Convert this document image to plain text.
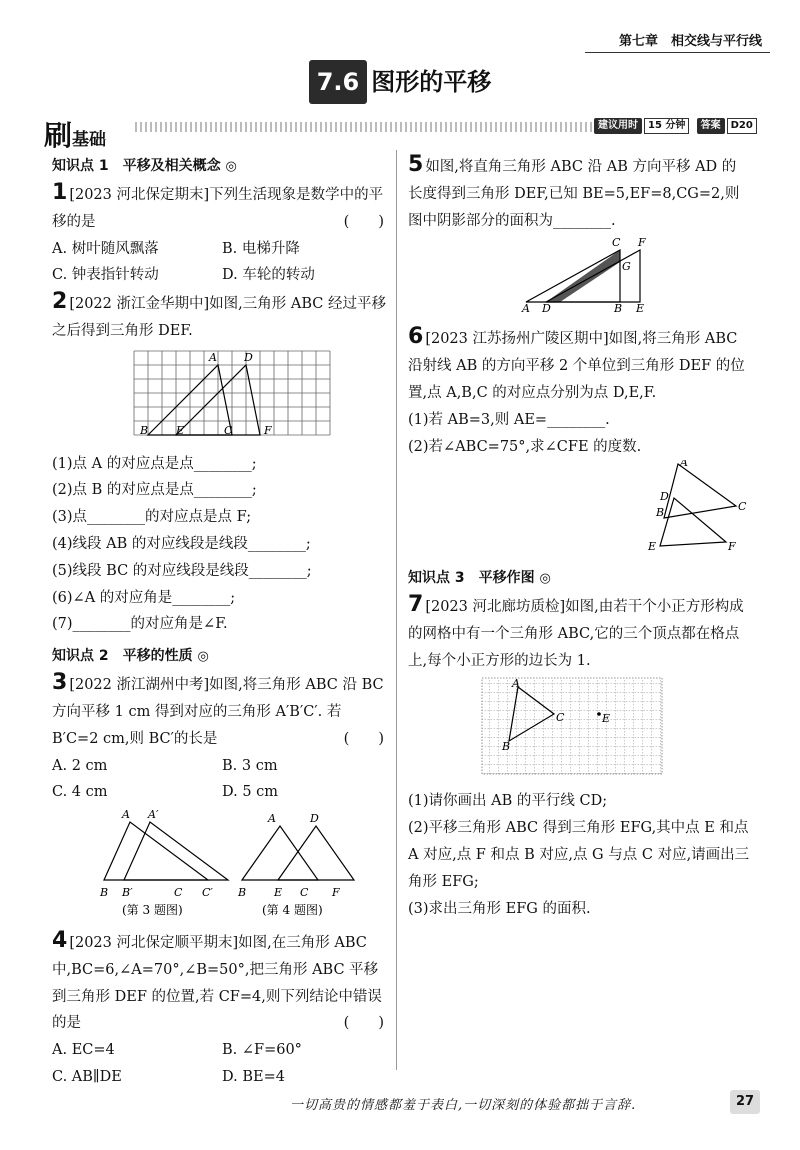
第七章　相交线与平行线
7.6 图形的平移
刷基础
建议用时 15 分钟 答案 D20
知识点 1　平移及相关概念 ◎
1 [2023 河北保定期末]下列生活现象是数学中的平移的是	(　　)
A. 树叶随风飘落	B. 电梯升降
C. 钟表指针转动	D. 车轮的转动
2 [2022 浙江金华期中]如图,三角形 ABC 经过平移之后得到三角形 DEF.
A D
B	E	C	F
(1)点 A 的对应点是点________;
(2)点 B 的对应点是点________;
(3)点________的对应点是点 F;
(4)线段 AB 的对应线段是线段________;
(5)线段 BC 的对应线段是线段________;
(6)∠A 的对应角是________;
(7)________的对应角是∠F.
知识点 2　平移的性质 ◎
3 [2022 浙江湖州中考]如图,将三角形 ABC 沿 BC 方向平移 1 cm 得到对应的三角形 A′B′C′. 若 B′C=2 cm,则 BC′的长是	(　　)
A. 2 cm	B. 3 cm
C. 4 cm	D. 5 cm
A A′
B B′	C C′
A	D
B	E C F
(第 3 题图)	(第 4 题图)
4 [2023 河北保定顺平期末]如图,在三角形 ABC 中,BC=6,∠A=70°,∠B=50°,把三角形 ABC 平移到三角形 DEF 的位置,若 CF=4,则下列结论中错误的是	(　　)
A. EC=4	B. ∠F=60°
C. AB∥DE	D. BE=4
5 如图,将直角三角形 ABC 沿 AB 方向平移 AD 的长度得到三角形 DEF,已知 BE=5,EF=8,CG=2,则图中阴影部分的面积为________.
A D	B E
C F
G
6 [2023 江苏扬州广陵区期中]如图,将三角形 ABC 沿射线 AB 的方向平移 2 个单位到三角形 DEF 的位置,点 A,B,C 的对应点分别为点 D,E,F.
(1)若 AB=3,则 AE=________.
(2)若∠ABC=75°,求∠CFE 的度数.
A
D
B	C
E	F
知识点 3　平移作图 ◎
7 [2023 河北廊坊质检]如图,由若干个小正方形构成的网格中有一个三角形 ABC,它的三个顶点都在格点上,每个小正方形的边长为 1.
A
C
B
E
(1)请你画出 AB 的平行线 CD;
(2)平移三角形 ABC 得到三角形 EFG,其中点 E 和点 A 对应,点 F 和点 B 对应,点 G 与点 C 对应,请画出三角形 EFG;
(3)求出三角形 EFG 的面积.
一切高贵的情感都羞于表白,一切深刻的体验都拙于言辞.	27
